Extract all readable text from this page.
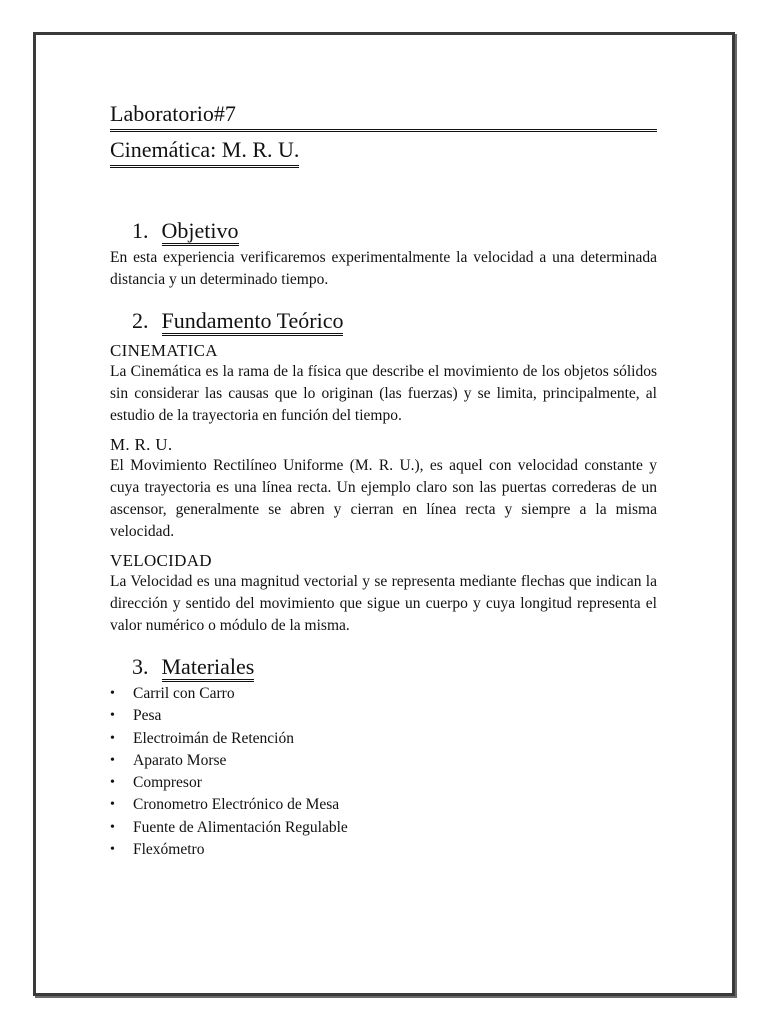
Laboratorio#7
Cinemática: M. R. U.
1. Objetivo

En esta experiencia verificaremos experimentalmente la velocidad a una determinada distancia y un determinado tiempo.

2. Fundamento Teórico
CINEMATICA

La Cinemática es la rama de la física que describe el movimiento de los objetos sólidos sin considerar las causas que lo originan (las fuerzas) y se limita, principalmente, al estudio de la trayectoria en función del tiempo.

M. R. U.

El Movimiento Rectilíneo Uniforme (M. R. U.), es aquel con velocidad constante y cuya trayectoria es una línea recta. Un ejemplo claro son las puertas correderas de un ascensor, generalmente se abren y cierran en línea recta y siempre a la misma velocidad.

VELOCIDAD

La Velocidad es una magnitud vectorial y se representa mediante flechas que indican la dirección y sentido del movimiento que sigue un cuerpo y cuya longitud representa el valor numérico o módulo de la misma.

3. Materiales
• Carril con Carro
• Pesa
• Electroimán de Retención
• Aparato Morse
• Compresor
• Cronometro Electrónico de Mesa
• Fuente de Alimentación Regulable
• Flexómetro
